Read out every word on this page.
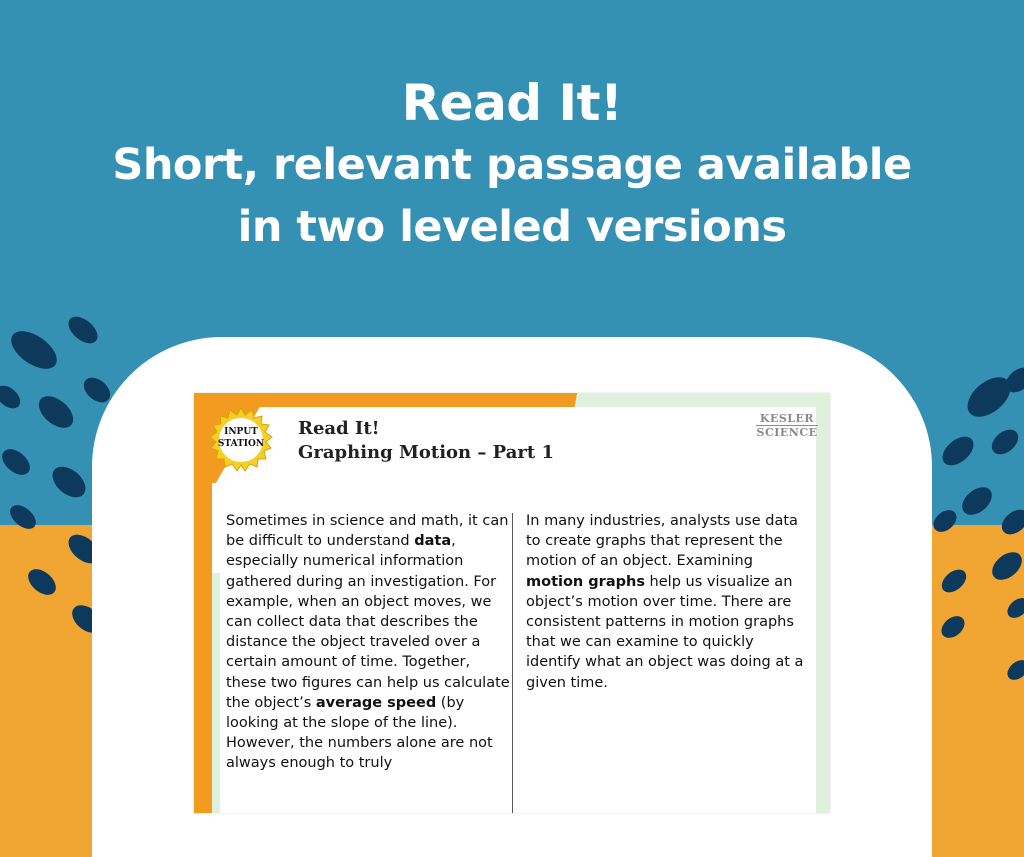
Read It!
Short, relevant passage available
in two leveled versions
INPUT
STATION
Read It!
Graphing Motion – Part 1
KESLER
SCIENCE
Sometimes in science and math, it can be difficult to understand data, especially numerical information gathered during an investigation. For example, when an object moves, we can collect data that describes the distance the object traveled over a certain amount of time. Together, these two figures can help us calculate the object’s average speed (by looking at the slope of the line). However, the numbers alone are not always enough to truly
In many industries, analysts use data to create graphs that represent the motion of an object. Examining motion graphs help us visualize an object’s motion over time. There are consistent patterns in motion graphs that we can examine to quickly identify what an object was doing at a given time.
